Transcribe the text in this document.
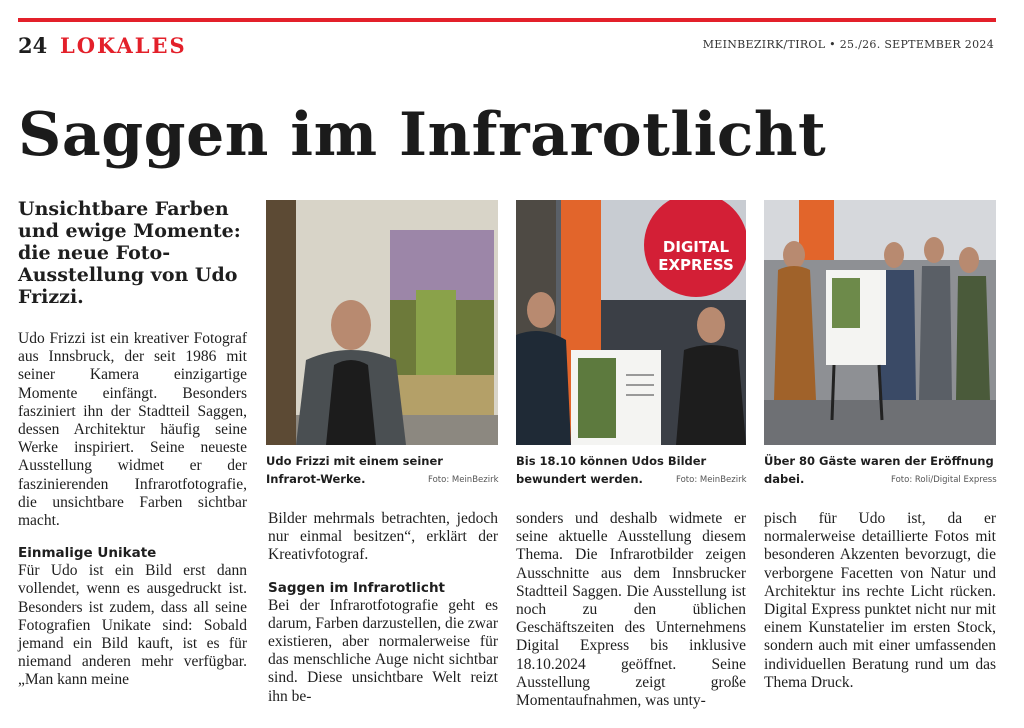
24 LOKALES	MEINBEZIRK/TIROL • 25./26. SEPTEMBER 2024
Saggen im Infrarotlicht
Unsichtbare Farben und ewige Momente: die neue Foto-Ausstellung von Udo Frizzi.

Udo Frizzi ist ein kreativer Fotograf aus Innsbruck, der seit 1986 mit seiner Kamera einzigartige Momente einfängt. Besonders fasziniert ihn der Stadtteil Saggen, dessen Architektur häufig seine Werke inspiriert. Seine neueste Ausstellung widmet er der faszinierenden Infrarotfotografie, die unsichtbare Farben sichtbar macht.

Einmalige Unikate

Für Udo ist ein Bild erst dann vollendet, wenn es ausgedruckt ist. Besonders ist zudem, dass all seine Fotografien Unikate sind: Sobald jemand ein Bild kauft, ist es für niemand anderen mehr verfügbar. „Man kann meine

Udo Frizzi mit einem seiner Infrarot-Werke.	Foto: MeinBezirk
DIGITAL
EXPRESS
Bis 18.10 können Udos Bilder bewundert werden.	Foto: MeinBezirk
Über 80 Gäste waren der Eröffnung dabei.	Foto: Roli/Digital Express

Bilder mehrmals betrachten, jedoch nur einmal besitzen“, erklärt der Kreativfotograf.

Saggen im Infrarotlicht

Bei der Infrarotfotografie geht es darum, Farben darzustellen, die zwar existieren, aber normalerweise für das menschliche Auge nicht sichtbar sind. Diese unsichtbare Welt reizt ihn be-

sonders und deshalb widmete er seine aktuelle Ausstellung diesem Thema. Die Infrarotbilder zeigen Ausschnitte aus dem Innsbrucker Stadtteil Saggen. Die Ausstellung ist noch zu den üblichen Geschäftszeiten des Unternehmens Digital Express bis inklusive 18.10.2024 geöffnet. Seine Ausstellung zeigt große Momentaufnahmen, was unty-

pisch für Udo ist, da er normalerweise detaillierte Fotos mit besonderen Akzenten bevorzugt, die verborgene Facetten von Natur und Architektur ins rechte Licht rücken. Digital Express punktet nicht nur mit einem Kunstatelier im ersten Stock, sondern auch mit einer umfassenden individuellen Beratung rund um das Thema Druck.
